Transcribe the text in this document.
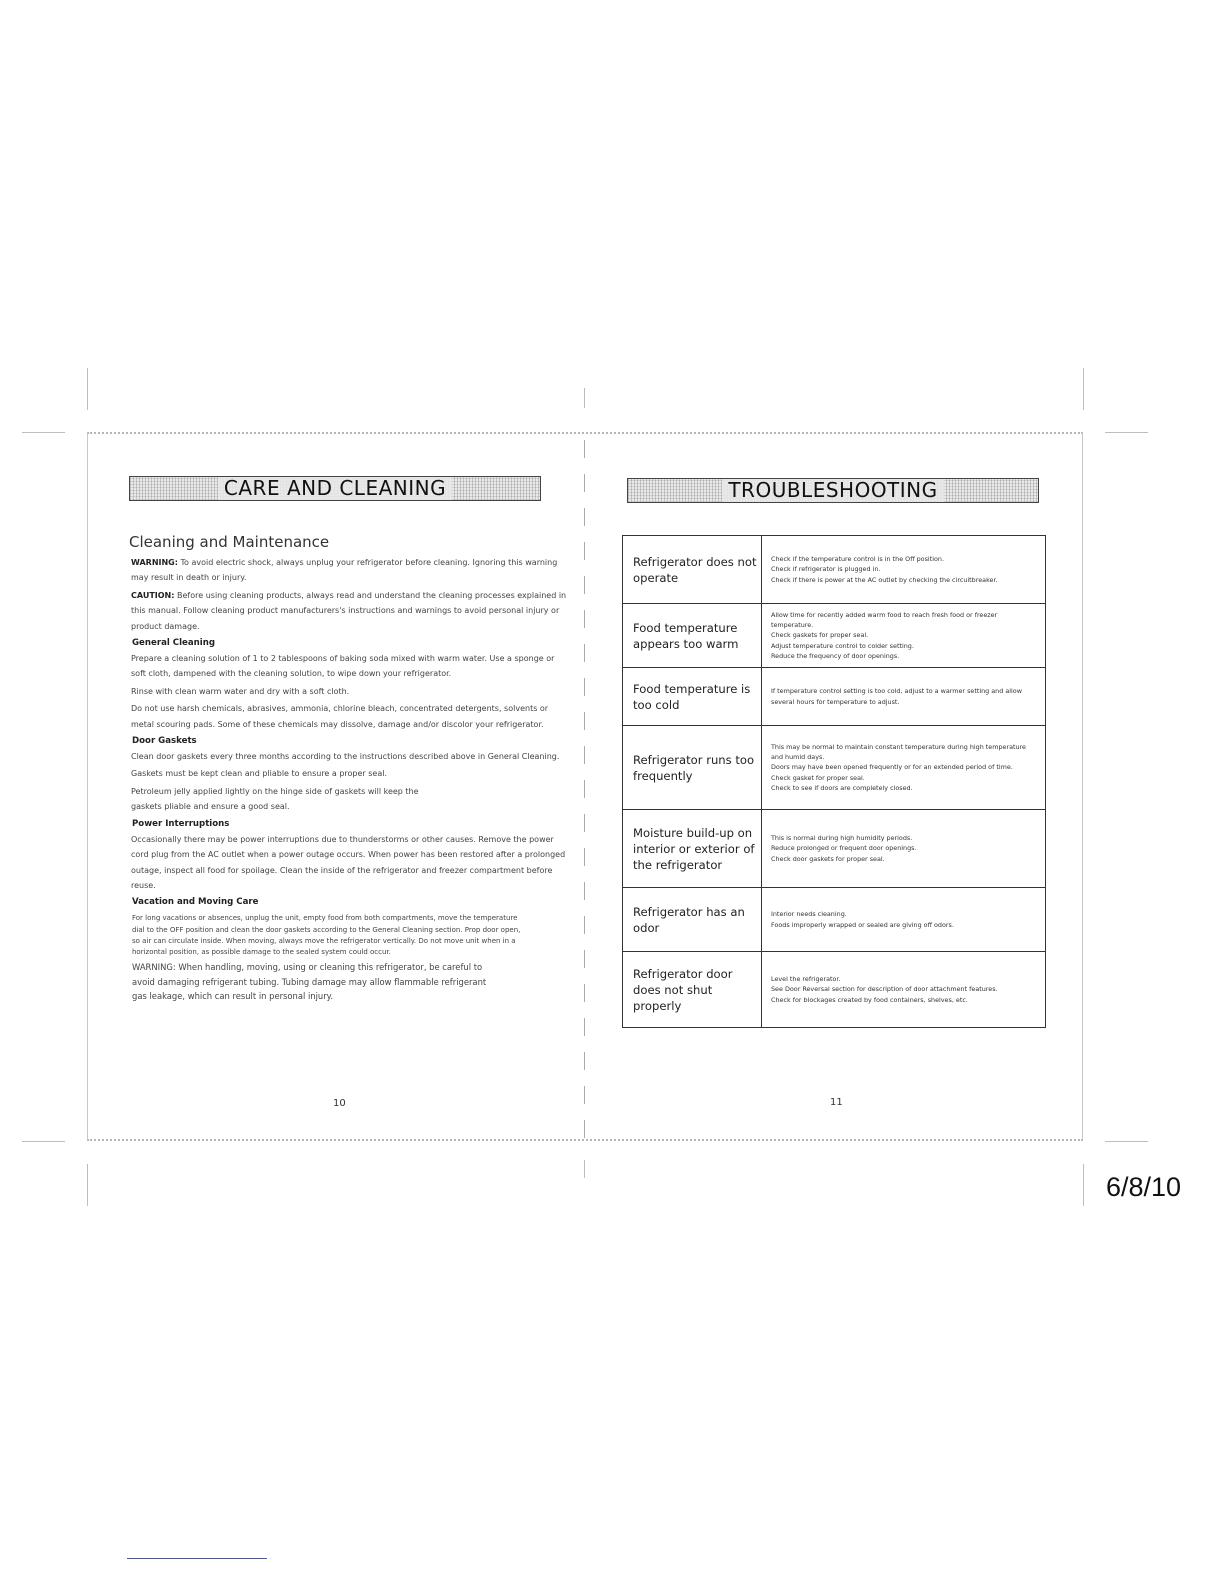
CARE AND CLEANING	TROUBLESHOOTING
Cleaning and Maintenance

WARNING: To avoid electric shock, always unplug your refrigerator before cleaning. Ignoring this warning may result in death or injury.

CAUTION: Before using cleaning products, always read and understand the cleaning processes explained in this manual. Follow cleaning product manufacturers's instructions and warnings to avoid personal injury or product damage.

General Cleaning

Prepare a cleaning solution of 1 to 2 tablespoons of baking soda mixed with warm water. Use a sponge or soft cloth, dampened with the cleaning solution, to wipe down your refrigerator.

Rinse with clean warm water and dry with a soft cloth.

Do not use harsh chemicals, abrasives, ammonia, chlorine bleach, concentrated detergents, solvents or metal scouring pads. Some of these chemicals may dissolve, damage and/or discolor your refrigerator.

Door Gaskets

Clean door gaskets every three months according to the instructions described above in General Cleaning.

Gaskets must be kept clean and pliable to ensure a proper seal.

Petroleum jelly applied lightly on the hinge side of gaskets will keep the gaskets pliable and ensure a good seal.

Power Interruptions

Occasionally there may be power interruptions due to thunderstorms or other causes. Remove the power cord plug from the AC outlet when a power outage occurs. When power has been restored after a prolonged outage, inspect all food for spoilage. Clean the inside of the refrigerator and freezer compartment before reuse.

Vacation and Moving Care

For long vacations or absences, unplug the unit, empty food from both compartments, move the temperature dial to the OFF position and clean the door gaskets according to the General Cleaning section. Prop door open, so air can circulate inside. When moving, always move the refrigerator vertically. Do not move unit when in a horizontal position, as possible damage to the sealed system could occur.

WARNING: When handling, moving, using or cleaning this refrigerator, be careful to avoid damaging refrigerant tubing. Tubing damage may allow flammable refrigerant gas leakage, which can result in personal injury.

10
Refrigerator does not operate	Check if the temperature control is in the Off position.
Check if refrigerator is plugged in.
Check if there is power at the AC outlet by checking the circuitbreaker.

Food temperature appears too warm	Allow time for recently added warm food to reach fresh food or freezer temperature.
Check gaskets for proper seal.
Adjust temperature control to colder setting.
Reduce the frequency of door openings.

Food temperature is too cold	If temperature control setting is too cold, adjust to a warmer setting and allow several hours for temperature to adjust.

Refrigerator runs too frequently	This may be normal to maintain constant temperature during high temperature and humid days.
Doors may have been opened frequently or for an extended period of time.
Check gasket for proper seal.
Check to see if doors are completely closed.

Moisture build-up on interior or exterior of the refrigerator	This is normal during high humidity periods.
Reduce prolonged or frequent door openings.
Check door gaskets for proper seal.

Refrigerator has an odor	Interior needs cleaning.
Foods improperly wrapped or sealed are giving off odors.

Refrigerator door does not shut properly	Level the refrigerator.
See Door Reversal section for description of door attachment features.
Check for blockages created by food containers, shelves, etc.
11
6/8/10
